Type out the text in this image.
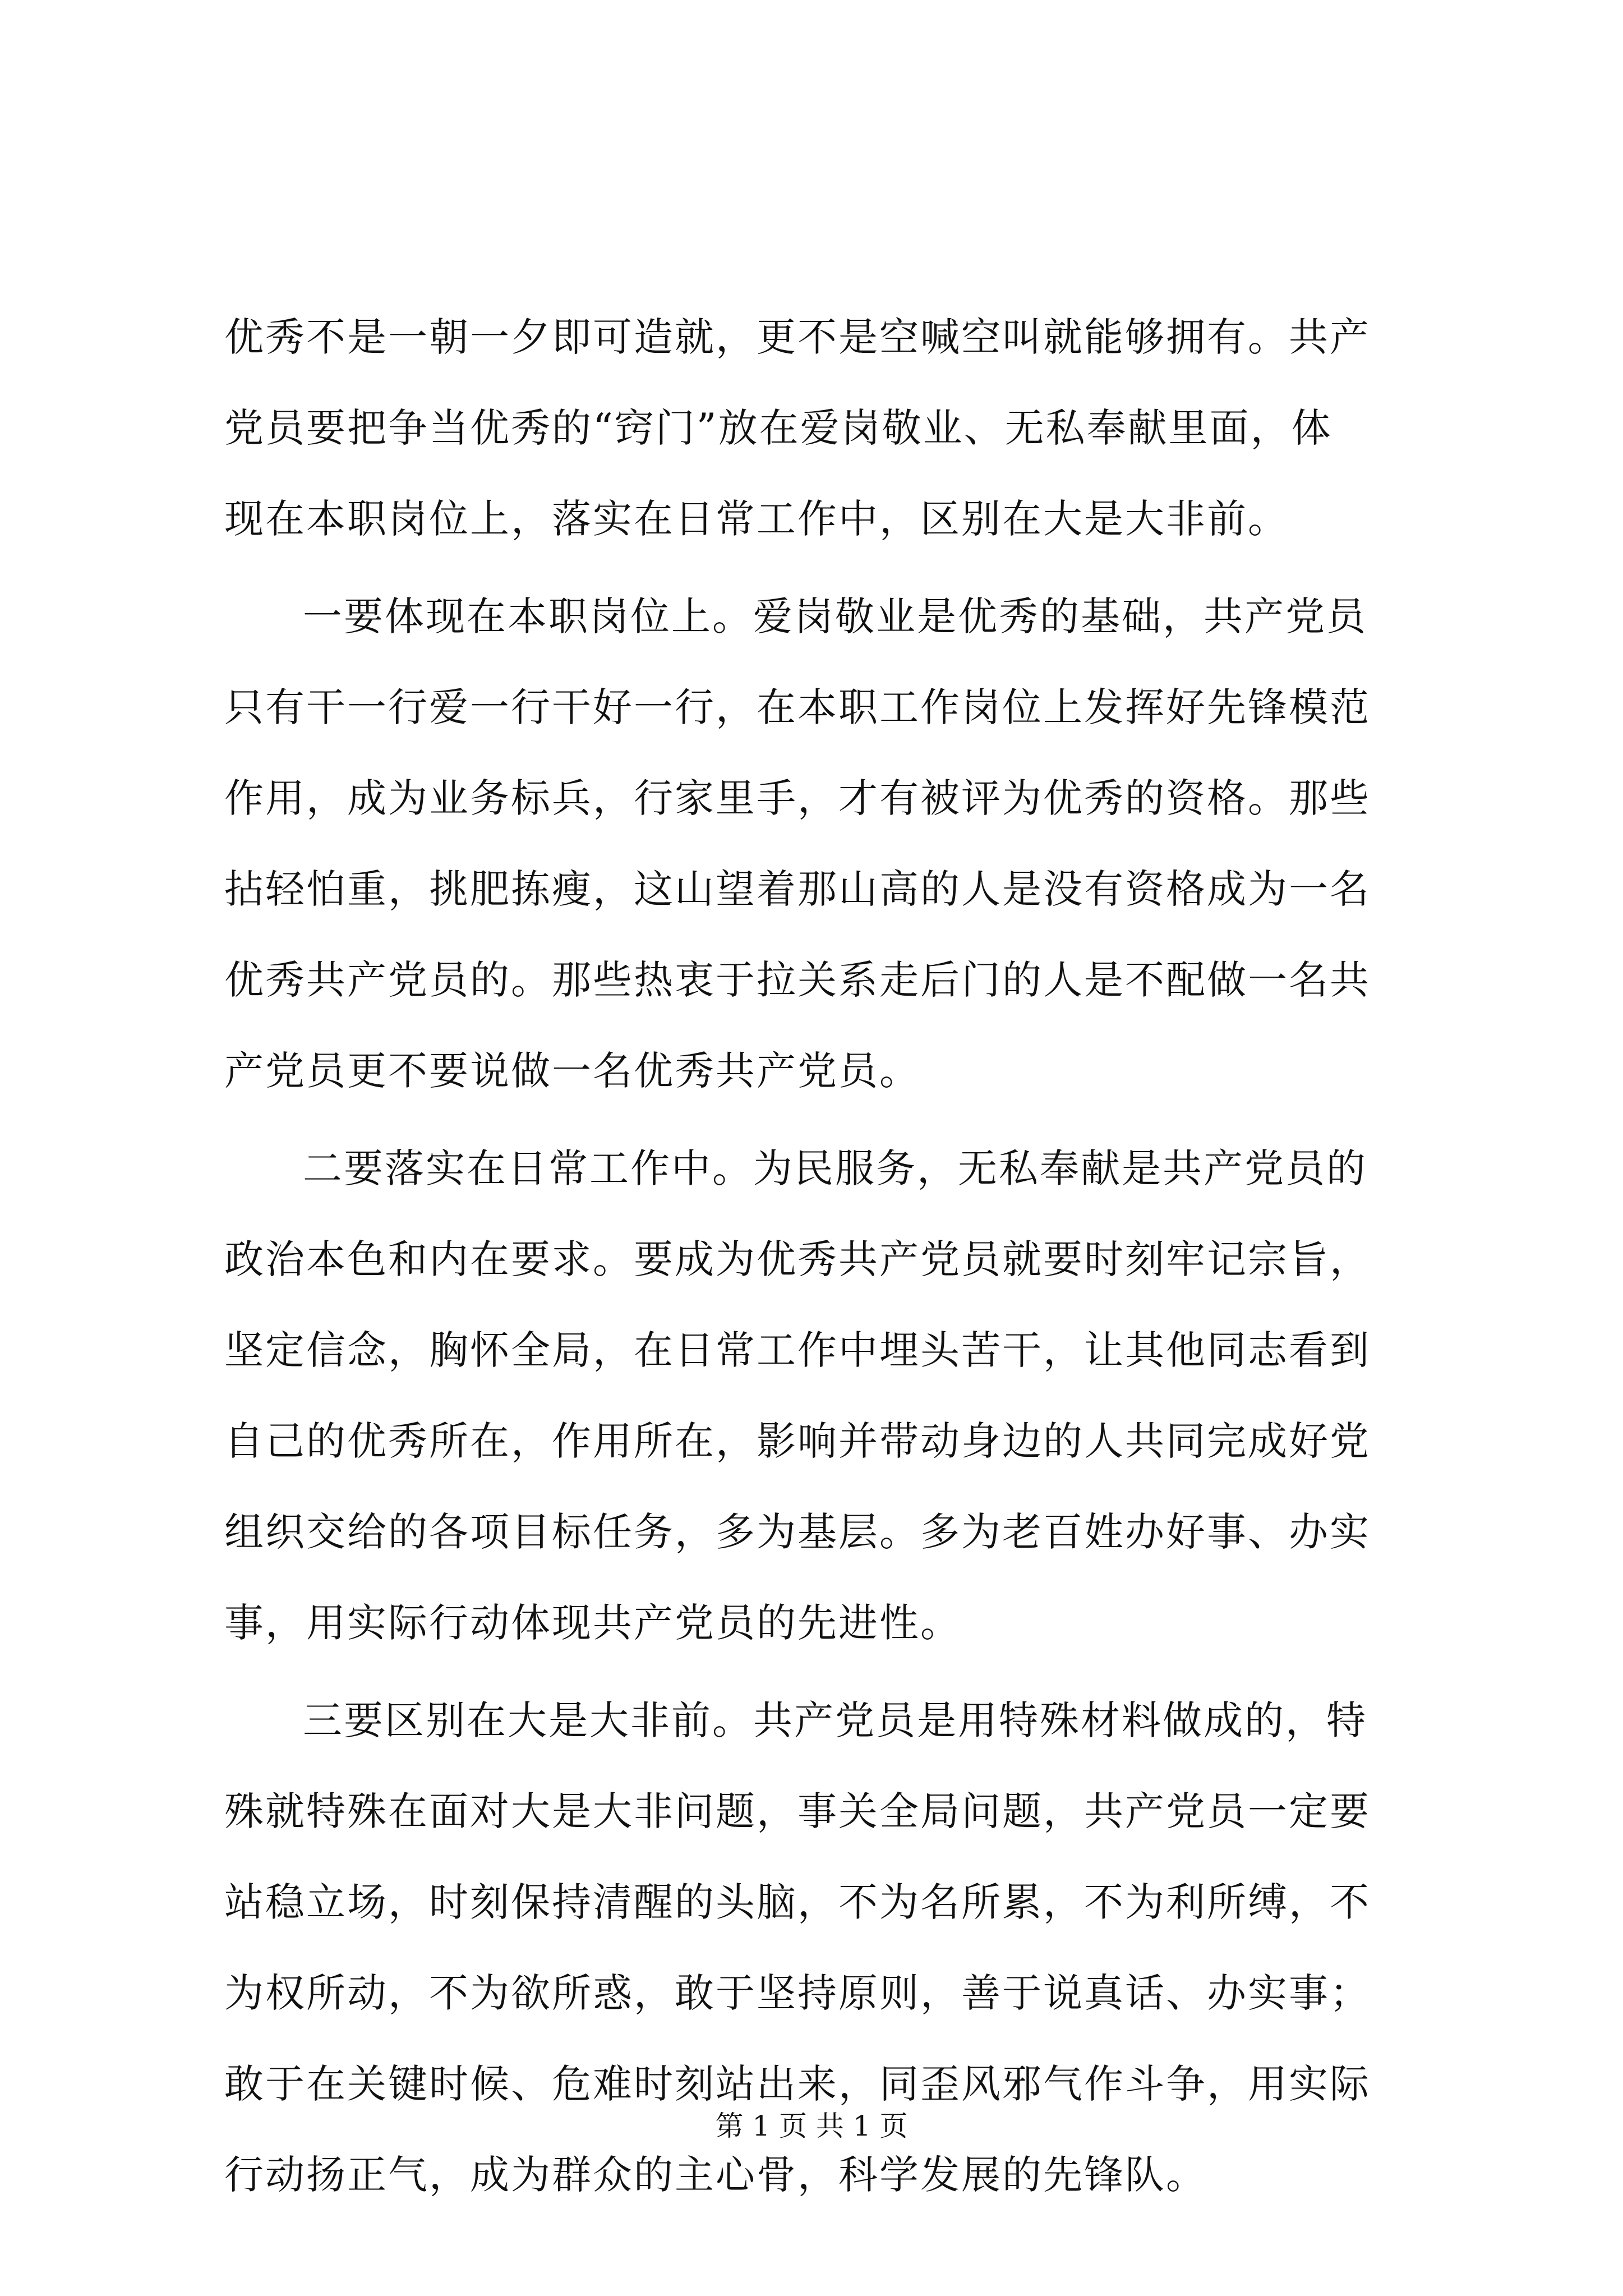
优秀不是一朝一夕即可造就，更不是空喊空叫就能够拥有。共产
党员要把争当优秀的“窍门”放在爱岗敬业、无私奉献里面，体
现在本职岗位上，落实在日常工作中，区别在大是大非前。
一要体现在本职岗位上。爱岗敬业是优秀的基础，共产党员
只有干一行爱一行干好一行，在本职工作岗位上发挥好先锋模范
作用，成为业务标兵，行家里手，才有被评为优秀的资格。那些
拈轻怕重，挑肥拣瘦，这山望着那山高的人是没有资格成为一名
优秀共产党员的。那些热衷于拉关系走后门的人是不配做一名共
产党员更不要说做一名优秀共产党员。
二要落实在日常工作中。为民服务，无私奉献是共产党员的
政治本色和内在要求。要成为优秀共产党员就要时刻牢记宗旨，
坚定信念，胸怀全局，在日常工作中埋头苦干，让其他同志看到
自己的优秀所在，作用所在，影响并带动身边的人共同完成好党
组织交给的各项目标任务，多为基层。多为老百姓办好事、办实
事，用实际行动体现共产党员的先进性。
三要区别在大是大非前。共产党员是用特殊材料做成的，特
殊就特殊在面对大是大非问题，事关全局问题，共产党员一定要
站稳立场，时刻保持清醒的头脑，不为名所累，不为利所缚，不
为权所动，不为欲所惑，敢于坚持原则，善于说真话、办实事；
敢于在关键时候、危难时刻站出来，同歪风邪气作斗争，用实际
行动扬正气，成为群众的主心骨，科学发展的先锋队。
第 1 页 共 1 页
